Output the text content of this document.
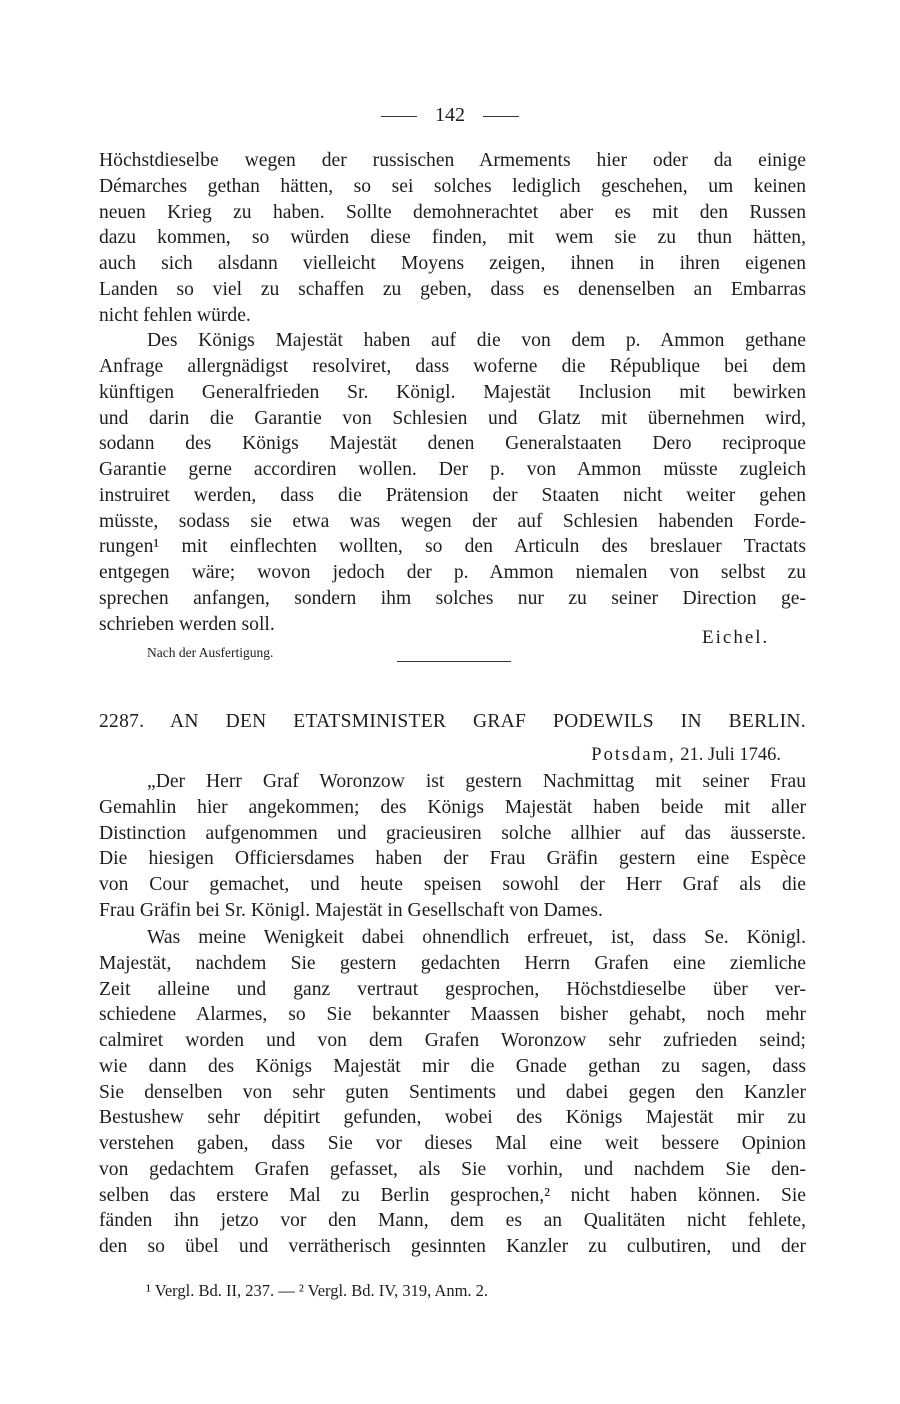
142
Höchstdieselbe wegen der russischen Armements hier oder da einige
Démarches gethan hätten, so sei solches lediglich geschehen, um keinen
neuen Krieg zu haben. Sollte demohnerachtet aber es mit den Russen
dazu kommen, so würden diese finden, mit wem sie zu thun hätten,
auch sich alsdann vielleicht Moyens zeigen, ihnen in ihren eigenen
Landen so viel zu schaffen zu geben, dass es denenselben an Embarras
nicht fehlen würde.
Des Königs Majestät haben auf die von dem p. Ammon gethane
Anfrage allergnädigst resolviret, dass woferne die République bei dem
künftigen Generalfrieden Sr. Königl. Majestät Inclusion mit bewirken
und darin die Garantie von Schlesien und Glatz mit übernehmen wird,
sodann des Königs Majestät denen Generalstaaten Dero reciproque
Garantie gerne accordiren wollen. Der p. von Ammon müsste zugleich
instruiret werden, dass die Prätension der Staaten nicht weiter gehen
müsste, sodass sie etwa was wegen der auf Schlesien habenden Forde-
rungen¹ mit einflechten wollten, so den Articuln des breslauer Tractats
entgegen wäre; wovon jedoch der p. Ammon niemalen von selbst zu
sprechen anfangen, sondern ihm solches nur zu seiner Direction ge-
schrieben werden soll.
Eichel.
Nach der Ausfertigung.
2287. AN DEN ETATSMINISTER GRAF PODEWILS IN BERLIN.
Potsdam, 21. Juli 1746.
„Der Herr Graf Woronzow ist gestern Nachmittag mit seiner Frau
Gemahlin hier angekommen; des Königs Majestät haben beide mit aller
Distinction aufgenommen und gracieusiren solche allhier auf das äusserste.
Die hiesigen Officiersdames haben der Frau Gräfin gestern eine Espèce
von Cour gemachet, und heute speisen sowohl der Herr Graf als die
Frau Gräfin bei Sr. Königl. Majestät in Gesellschaft von Dames.
Was meine Wenigkeit dabei ohnendlich erfreuet, ist, dass Se. Königl.
Majestät, nachdem Sie gestern gedachten Herrn Grafen eine ziemliche
Zeit alleine und ganz vertraut gesprochen, Höchstdieselbe über ver-
schiedene Alarmes, so Sie bekannter Maassen bisher gehabt, noch mehr
calmiret worden und von dem Grafen Woronzow sehr zufrieden seind;
wie dann des Königs Majestät mir die Gnade gethan zu sagen, dass
Sie denselben von sehr guten Sentiments und dabei gegen den Kanzler
Bestushew sehr dépitirt gefunden, wobei des Königs Majestät mir zu
verstehen gaben, dass Sie vor dieses Mal eine weit bessere Opinion
von gedachtem Grafen gefasset, als Sie vorhin, und nachdem Sie den-
selben das erstere Mal zu Berlin gesprochen,² nicht haben können. Sie
fänden ihn jetzo vor den Mann, dem es an Qualitäten nicht fehlete,
den so übel und verrätherisch gesinnten Kanzler zu culbutiren, und der
¹ Vergl. Bd. II, 237. — ² Vergl. Bd. IV, 319, Anm. 2.
